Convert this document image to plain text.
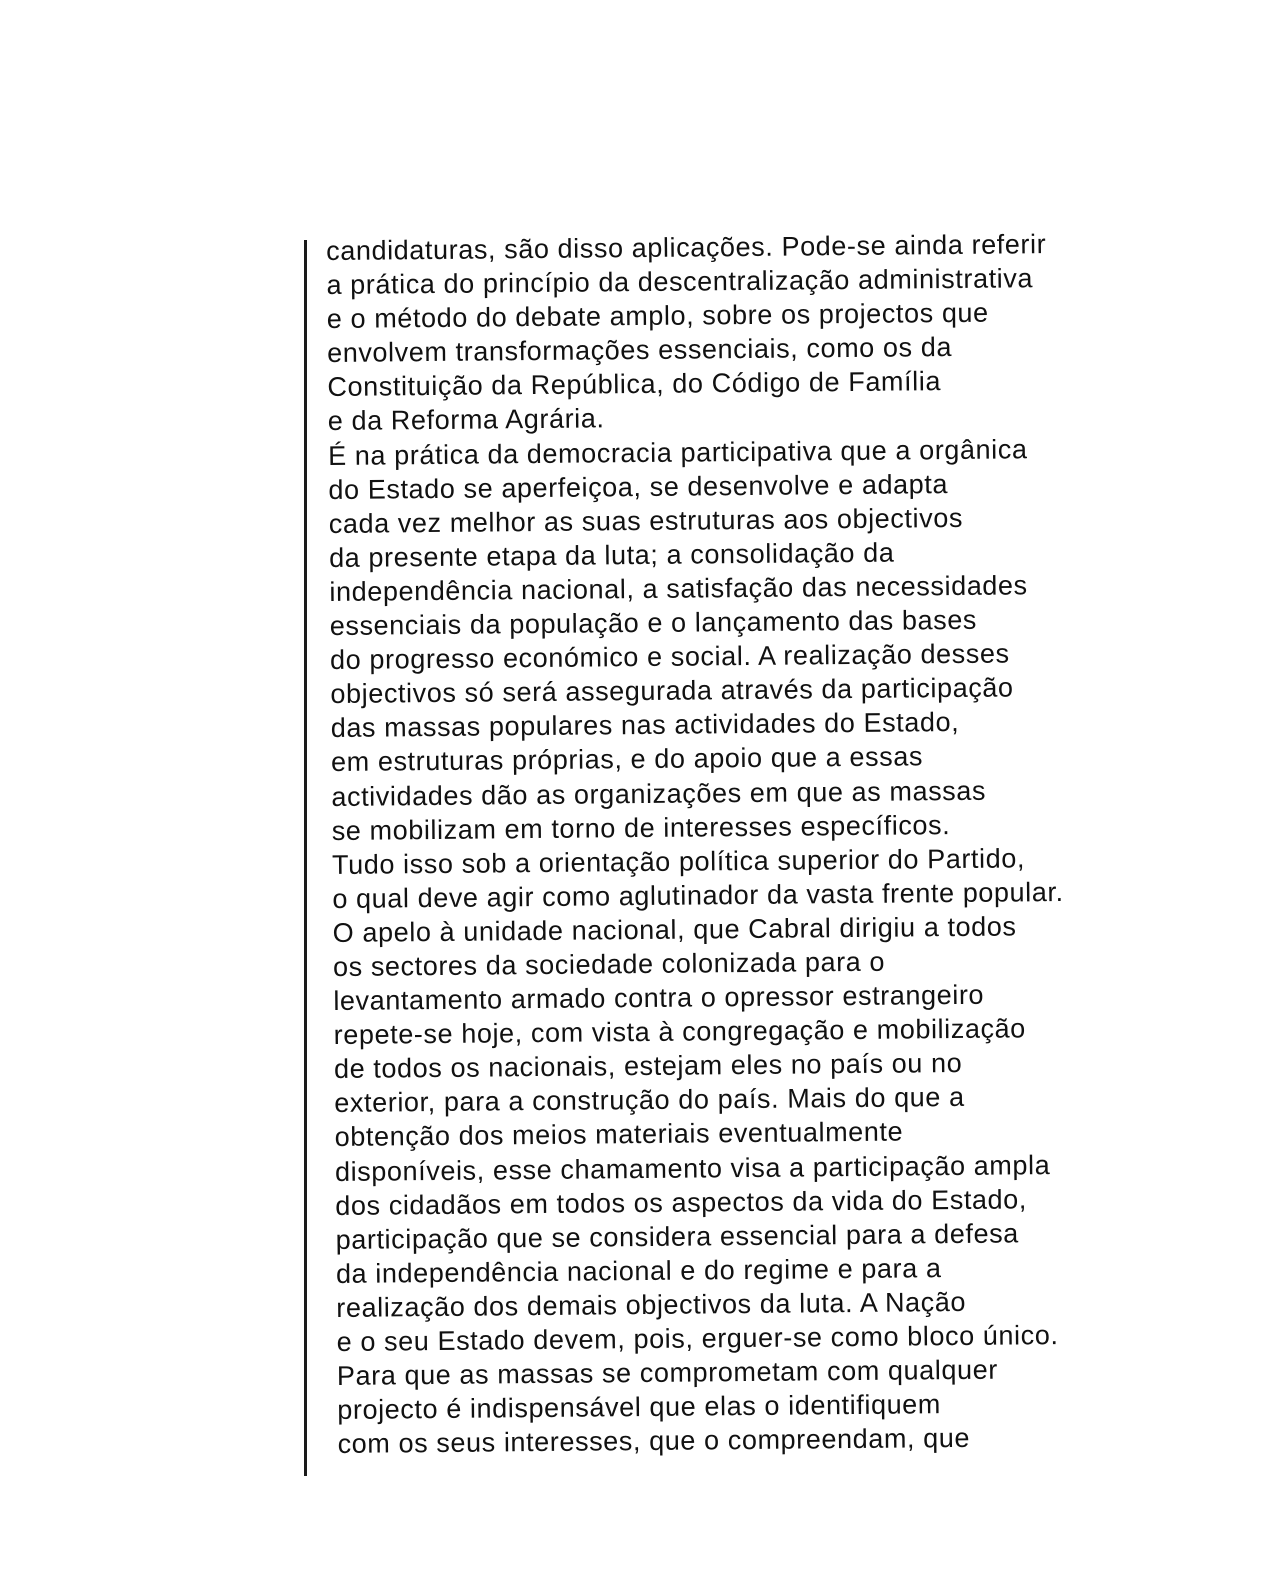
candidaturas, são disso aplicações. Pode-se ainda referir
a prática do princípio da descentralização administrativa
e o método do debate amplo, sobre os projectos que
envolvem transformações essenciais, como os da
Constituição da República, do Código de Família
e da Reforma Agrária.
É na prática da democracia participativa que a orgânica
do Estado se aperfeiçoa, se desenvolve e adapta
cada vez melhor as suas estruturas aos objectivos
da presente etapa da luta; a consolidação da
independência nacional, a satisfação das necessidades
essenciais da população e o lançamento das bases
do progresso económico e social. A realização desses
objectivos só será assegurada através da participação
das massas populares nas actividades do Estado,
em estruturas próprias, e do apoio que a essas
actividades dão as organizações em que as massas
se mobilizam em torno de interesses específicos.
Tudo isso sob a orientação política superior do Partido,
o qual deve agir como aglutinador da vasta frente popular.
O apelo à unidade nacional, que Cabral dirigiu a todos
os sectores da sociedade colonizada para o
levantamento armado contra o opressor estrangeiro
repete-se hoje, com vista à congregação e mobilização
de todos os nacionais, estejam eles no país ou no
exterior, para a construção do país. Mais do que a
obtenção dos meios materiais eventualmente
disponíveis, esse chamamento visa a participação ampla
dos cidadãos em todos os aspectos da vida do Estado,
participação que se considera essencial para a defesa
da independência nacional e do regime e para a
realização dos demais objectivos da luta. A Nação
e o seu Estado devem, pois, erguer-se como bloco único.
Para que as massas se comprometam com qualquer
projecto é indispensável que elas o identifiquem
com os seus interesses, que o compreendam, que
